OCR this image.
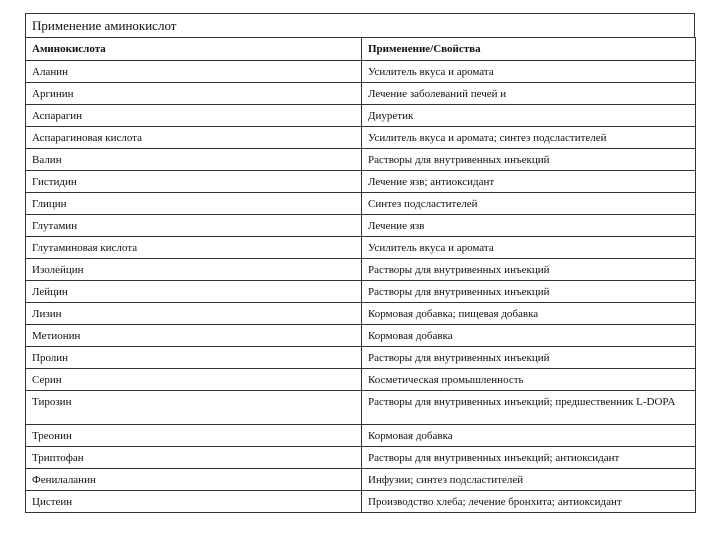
Применение аминокислот
Аминокислота	Применение/Свойства
Аланин	Усилитель вкуса и аромата
Аргинин	Лечение заболеваний печей и
Аспарагин	Диуретик
Аспарагиновая кислота	Усилитель вкуса и аромата; синтез подсластителей
Валин	Растворы для внутривенных инъекций
Гистидин	Лечение язв; антиоксидант
Глицин	Синтез подсластителей
Глутамин	Лечение язв
Глутаминовая кислота	Усилитель вкуса и аромата
Изолейцин	Растворы для внутривенных инъекций
Лейцин	Растворы для внутривенных инъекций
Лизин	Кормовая добавка; пищевая добавка
Метионин	Кормовая добавка
Пролин	Растворы для внутривенных инъекций
Серин	Косметическая промышленность
Тирозин	Растворы для внутривенных инъекций; предшественник L-DOPA
Треонин	Кормовая добавка
Триптофан	Растворы для внутривенных инъекций; антиоксидант
Фенилаланин	Инфузии; синтез подсластителей
Цистеин	Производство хлеба; лечение бронхита; антиоксидант
